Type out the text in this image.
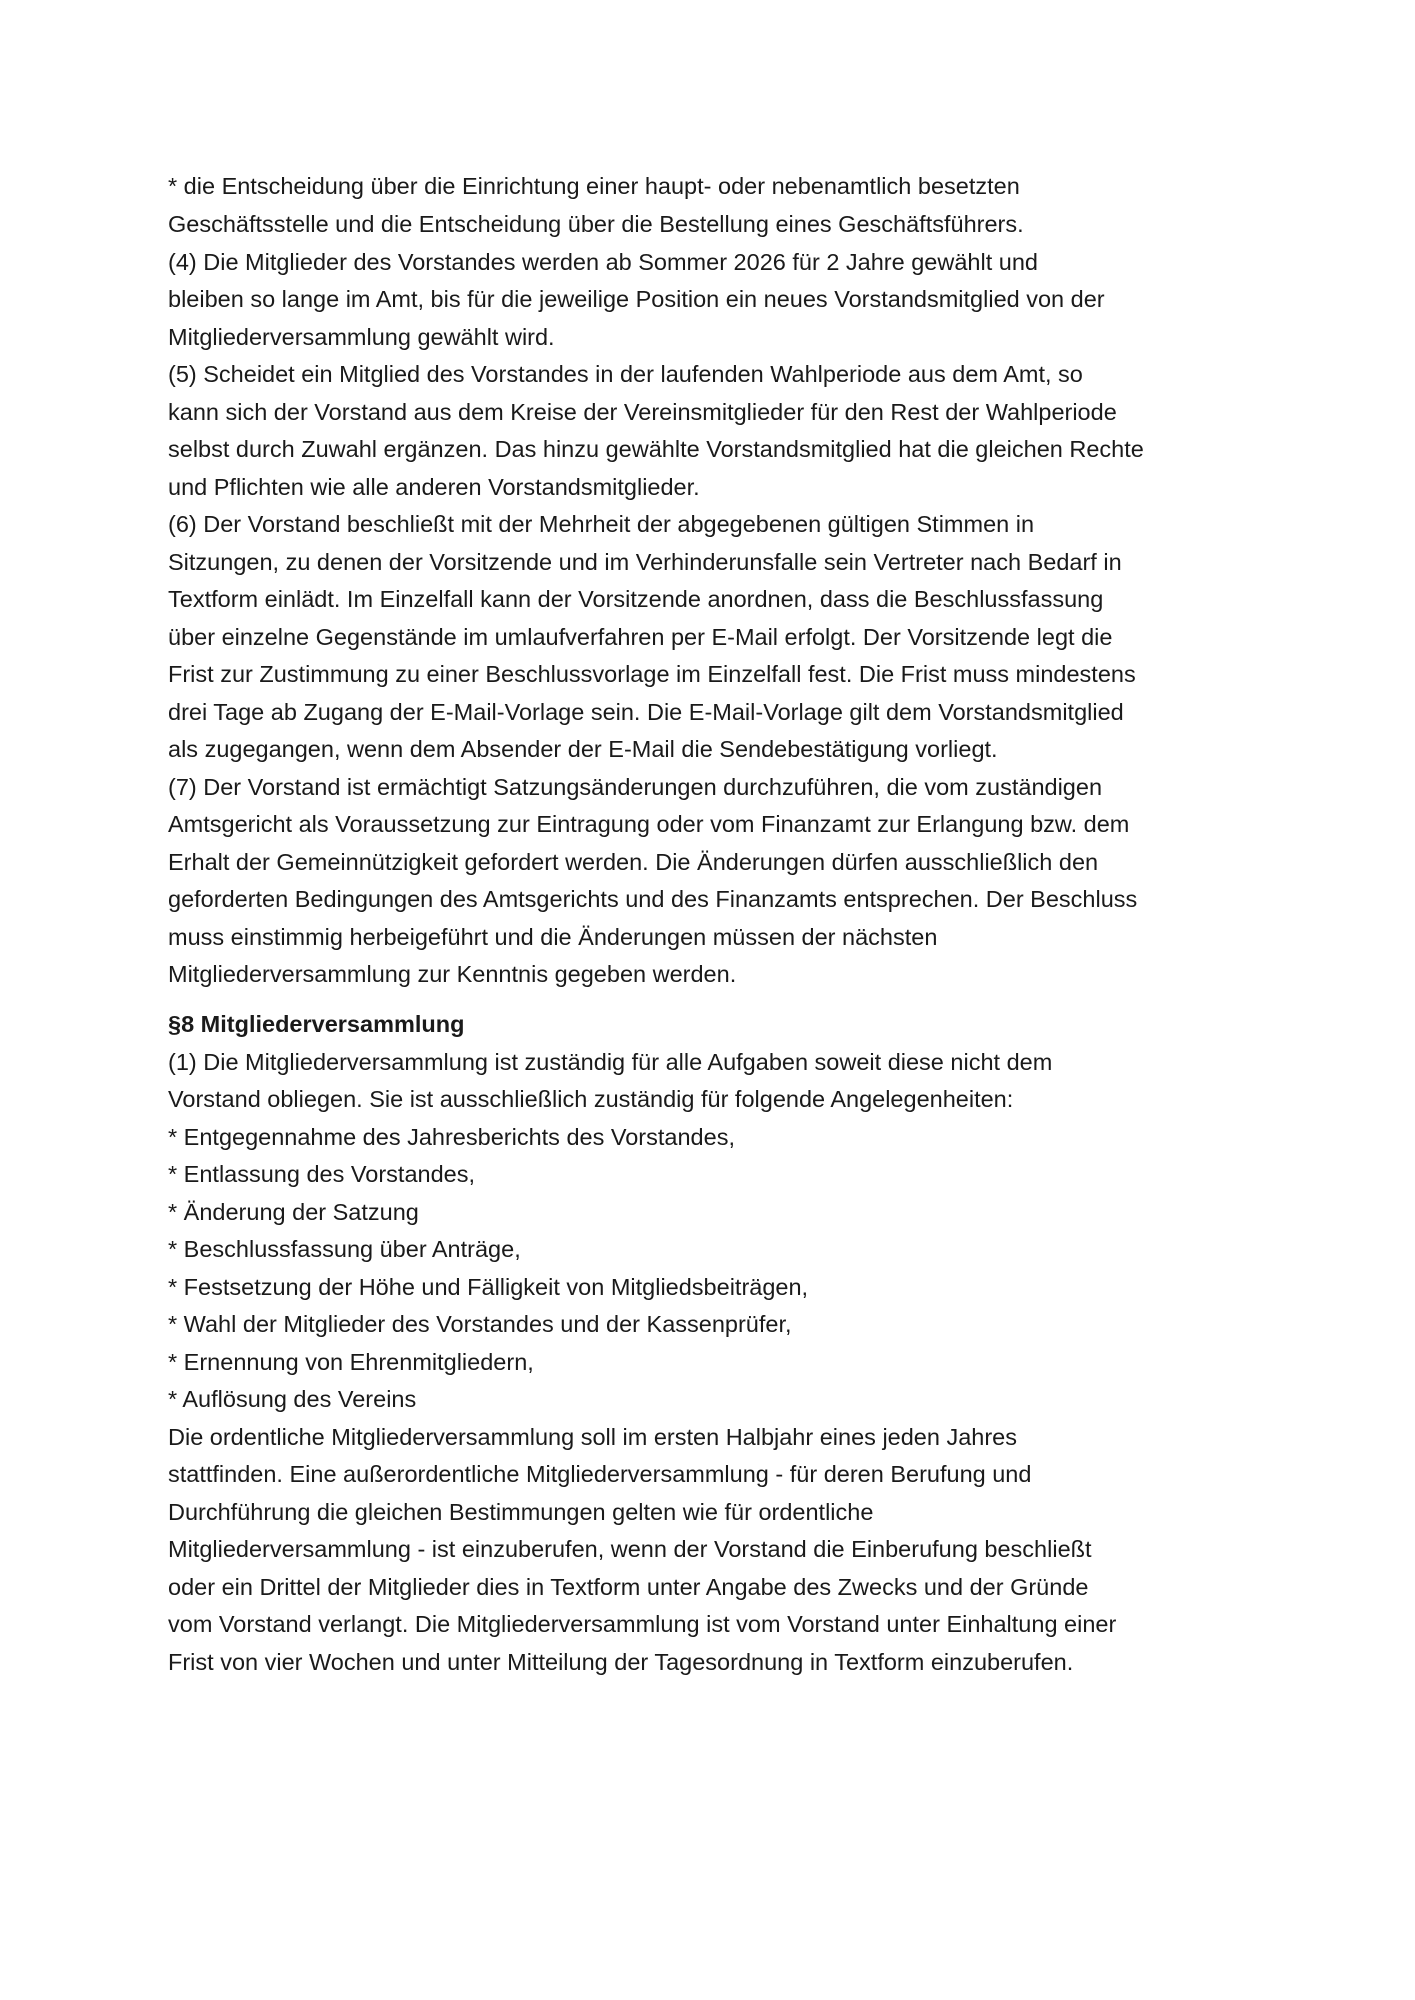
* die Entscheidung über die Einrichtung einer haupt- oder nebenamtlich besetzten
Geschäftsstelle und die Entscheidung über die Bestellung eines Geschäftsführers.
(4) Die Mitglieder des Vorstandes werden ab Sommer 2026 für 2 Jahre gewählt und
bleiben so lange im Amt, bis für die jeweilige Position ein neues Vorstandsmitglied von der
Mitgliederversammlung gewählt wird.
(5) Scheidet ein Mitglied des Vorstandes in der laufenden Wahlperiode aus dem Amt, so
kann sich der Vorstand aus dem Kreise der Vereinsmitglieder für den Rest der Wahlperiode
selbst durch Zuwahl ergänzen. Das hinzu gewählte Vorstandsmitglied hat die gleichen Rechte
und Pflichten wie alle anderen Vorstandsmitglieder.
(6) Der Vorstand beschließt mit der Mehrheit der abgegebenen gültigen Stimmen in
Sitzungen, zu denen der Vorsitzende und im Verhinderunsfalle sein Vertreter nach Bedarf in
Textform einlädt. Im Einzelfall kann der Vorsitzende anordnen, dass die Beschlussfassung
über einzelne Gegenstände im umlaufverfahren per E-Mail erfolgt. Der Vorsitzende legt die
Frist zur Zustimmung zu einer Beschlussvorlage im Einzelfall fest. Die Frist muss mindestens
drei Tage ab Zugang der E-Mail-Vorlage sein. Die E-Mail-Vorlage gilt dem Vorstandsmitglied
als zugegangen, wenn dem Absender der E-Mail die Sendebestätigung vorliegt.
(7) Der Vorstand ist ermächtigt Satzungsänderungen durchzuführen, die vom zuständigen
Amtsgericht als Voraussetzung zur Eintragung oder vom Finanzamt zur Erlangung bzw. dem
Erhalt der Gemeinnützigkeit gefordert werden. Die Änderungen dürfen ausschließlich den
geforderten Bedingungen des Amtsgerichts und des Finanzamts entsprechen. Der Beschluss
muss einstimmig herbeigeführt und die Änderungen müssen der nächsten
Mitgliederversammlung zur Kenntnis gegeben werden.
§8 Mitgliederversammlung
(1) Die Mitgliederversammlung ist zuständig für alle Aufgaben soweit diese nicht dem
Vorstand obliegen. Sie ist ausschließlich zuständig für folgende Angelegenheiten:
* Entgegennahme des Jahresberichts des Vorstandes,
* Entlassung des Vorstandes,
* Änderung der Satzung
* Beschlussfassung über Anträge,
* Festsetzung der Höhe und Fälligkeit von Mitgliedsbeiträgen,
* Wahl der Mitglieder des Vorstandes und der Kassenprüfer,
* Ernennung von Ehrenmitgliedern,
* Auflösung des Vereins
Die ordentliche Mitgliederversammlung soll im ersten Halbjahr eines jeden Jahres
stattfinden. Eine außerordentliche Mitgliederversammlung - für deren Berufung und
Durchführung die gleichen Bestimmungen gelten wie für ordentliche
Mitgliederversammlung - ist einzuberufen, wenn der Vorstand die Einberufung beschließt
oder ein Drittel der Mitglieder dies in Textform unter Angabe des Zwecks und der Gründe
vom Vorstand verlangt. Die Mitgliederversammlung ist vom Vorstand unter Einhaltung einer
Frist von vier Wochen und unter Mitteilung der Tagesordnung in Textform einzuberufen.
